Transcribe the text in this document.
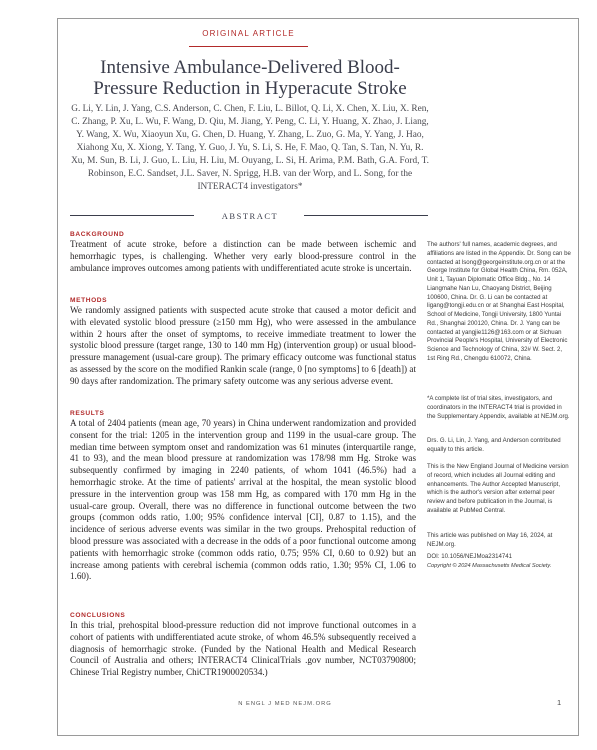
ORIGINAL ARTICLE
Intensive Ambulance-Delivered Blood-Pressure Reduction in Hyperacute Stroke
G. Li, Y. Lin, J. Yang, C.S. Anderson, C. Chen, F. Liu, L. Billot, Q. Li, X. Chen, X. Liu, X. Ren, C. Zhang, P. Xu, L. Wu, F. Wang, D. Qiu, M. Jiang, Y. Peng, C. Li, Y. Huang, X. Zhao, J. Liang, Y. Wang, X. Wu, Xiaoyun Xu, G. Chen, D. Huang, Y. Zhang, L. Zuo, G. Ma, Y. Yang, J. Hao, Xiahong Xu, X. Xiong, Y. Tang, Y. Guo, J. Yu, S. Li, S. He, F. Mao, Q. Tan, S. Tan, N. Yu, R. Xu, M. Sun, B. Li, J. Guo, L. Liu, H. Liu, M. Ouyang, L. Si, H. Arima, P.M. Bath, G.A. Ford, T. Robinson, E.C. Sandset, J.L. Saver, N. Sprigg, H.B. van der Worp, and L. Song, for the INTERACT4 investigators*
ABSTRACT
BACKGROUND
Treatment of acute stroke, before a distinction can be made between ischemic and hemorrhagic types, is challenging. Whether very early blood-pressure control in the ambulance improves outcomes among patients with undifferentiated acute stroke is uncertain.
METHODS
We randomly assigned patients with suspected acute stroke that caused a motor deficit and with elevated systolic blood pressure (≥150 mm Hg), who were assessed in the ambulance within 2 hours after the onset of symptoms, to receive immediate treatment to lower the systolic blood pressure (target range, 130 to 140 mm Hg) (intervention group) or usual blood-pressure management (usual-care group). The primary efficacy outcome was functional status as assessed by the score on the modified Rankin scale (range, 0 [no symptoms] to 6 [death]) at 90 days after randomization. The primary safety outcome was any serious adverse event.
RESULTS
A total of 2404 patients (mean age, 70 years) in China underwent randomization and provided consent for the trial: 1205 in the intervention group and 1199 in the usual-care group. The median time between symptom onset and randomization was 61 minutes (interquartile range, 41 to 93), and the mean blood pressure at randomization was 178/98 mm Hg. Stroke was subsequently confirmed by imaging in 2240 patients, of whom 1041 (46.5%) had a hemorrhagic stroke. At the time of patients' arrival at the hospital, the mean systolic blood pressure in the intervention group was 158 mm Hg, as compared with 170 mm Hg in the usual-care group. Overall, there was no difference in functional outcome between the two groups (common odds ratio, 1.00; 95% confidence interval [CI], 0.87 to 1.15), and the incidence of serious adverse events was similar in the two groups. Prehospital reduction of blood pressure was associated with a decrease in the odds of a poor functional outcome among patients with hemorrhagic stroke (common odds ratio, 0.75; 95% CI, 0.60 to 0.92) but an increase among patients with cerebral ischemia (common odds ratio, 1.30; 95% CI, 1.06 to 1.60).
CONCLUSIONS
In this trial, prehospital blood-pressure reduction did not improve functional outcomes in a cohort of patients with undifferentiated acute stroke, of whom 46.5% subsequently received a diagnosis of hemorrhagic stroke. (Funded by the National Health and Medical Research Council of Australia and others; INTERACT4 ClinicalTrials .gov number, NCT03790800; Chinese Trial Registry number, ChiCTR1900020534.)
The authors' full names, academic degrees, and affiliations are listed in the Appendix. Dr. Song can be contacted at lsong@georgeinstitute.org.cn or at the George Institute for Global Health China, Rm. 052A, Unit 1, Tayuan Diplomatic Office Bldg., No. 14 Liangmahe Nan Lu, Chaoyang District, Beijing 100600, China. Dr. G. Li can be contacted at ligang@tongji.edu.cn or at Shanghai East Hospital, School of Medicine, Tongji University, 1800 Yuntai Rd., Shanghai 200120, China. Dr. J. Yang can be contacted at yangjie1126@163.com or at Sichuan Provincial People's Hospital, University of Electronic Science and Technology of China, 32# W. Sect. 2, 1st Ring Rd., Chengdu 610072, China.
*A complete list of trial sites, investigators, and coordinators in the INTERACT4 trial is provided in the Supplementary Appendix, available at NEJM.org.
Drs. G. Li, Lin, J. Yang, and Anderson contributed equally to this article.
This is the New England Journal of Medicine version of record, which includes all Journal editing and enhancements. The Author Accepted Manuscript, which is the author's version after external peer review and before publication in the Journal, is available at PubMed Central.
This article was published on May 16, 2024, at NEJM.org.
DOI: 10.1056/NEJMoa2314741
Copyright © 2024 Massachusetts Medical Society.
N ENGL J MED NEJM.ORG	1
